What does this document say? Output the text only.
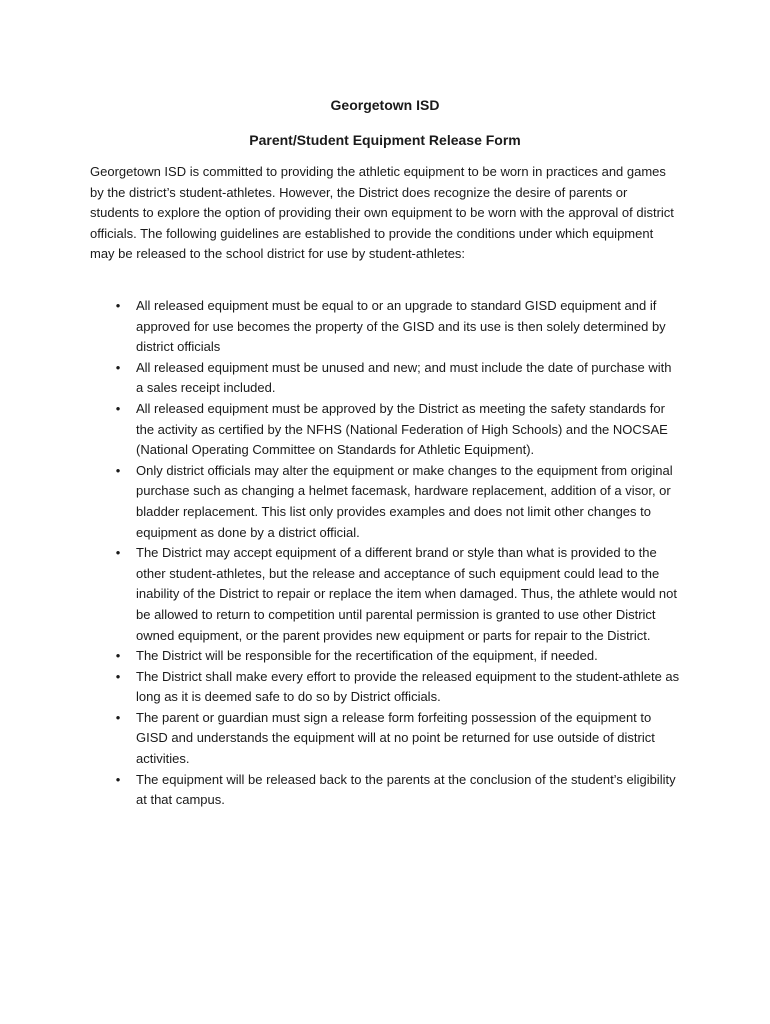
Georgetown ISD
Parent/Student Equipment Release Form

Georgetown ISD is committed to providing the athletic equipment to be worn in practices and games by the district’s student-athletes. However, the District does recognize the desire of parents or students to explore the option of providing their own equipment to be worn with the approval of district officials. The following guidelines are established to provide the conditions under which equipment may be released to the school district for use by student-athletes:

• All released equipment must be equal to or an upgrade to standard GISD equipment and if approved for use becomes the property of the GISD and its use is then solely determined by district officials
• All released equipment must be unused and new; and must include the date of purchase with a sales receipt included.
• All released equipment must be approved by the District as meeting the safety standards for the activity as certified by the NFHS (National Federation of High Schools) and the NOCSAE (National Operating Committee on Standards for Athletic Equipment).
• Only district officials may alter the equipment or make changes to the equipment from original purchase such as changing a helmet facemask, hardware replacement, addition of a visor, or bladder replacement. This list only provides examples and does not limit other changes to equipment as done by a district official.
• The District may accept equipment of a different brand or style than what is provided to the other student-athletes, but the release and acceptance of such equipment could lead to the inability of the District to repair or replace the item when damaged. Thus, the athlete would not be allowed to return to competition until parental permission is granted to use other District owned equipment, or the parent provides new equipment or parts for repair to the District.
• The District will be responsible for the recertification of the equipment, if needed.
• The District shall make every effort to provide the released equipment to the student-athlete as long as it is deemed safe to do so by District officials.
• The parent or guardian must sign a release form forfeiting possession of the equipment to GISD and understands the equipment will at no point be returned for use outside of district activities.
• The equipment will be released back to the parents at the conclusion of the student’s eligibility at that campus.
